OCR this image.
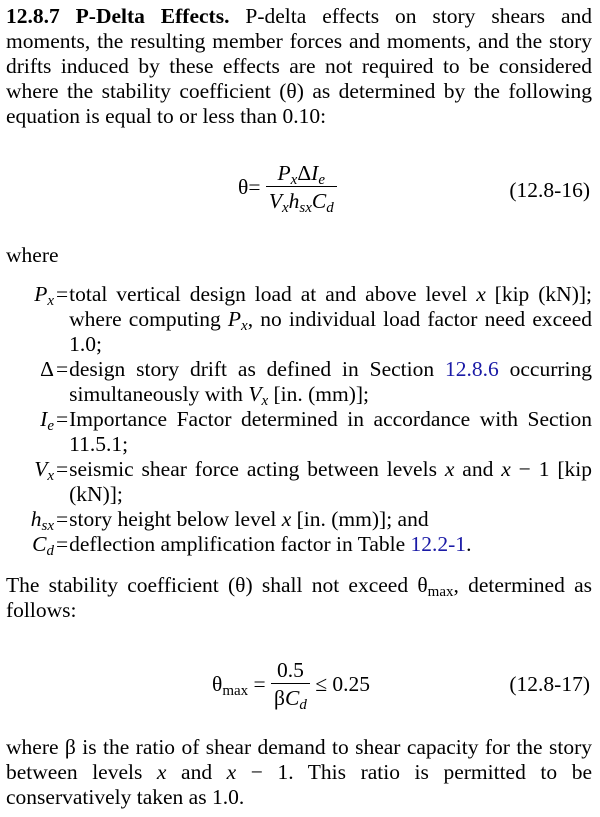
12.8.7 P-Delta Effects. P-delta effects on story shears and moments, the resulting member forces and moments, and the story drifts induced by these effects are not required to be considered where the stability coefficient (θ) as determined by the following equation is equal to or less than 0.10:

$\theta= \frac{P_x\Delta I_e}{V_xh_{sx}C_d}$	(12.8-16)

where

$P_x$ = total vertical design load at and above level x [kip (kN)]; where computing $P_x$, no individual load factor need exceed 1.0;
Δ = design story drift as defined in Section 12.8.6 occurring simultaneously with $V_x$ [in. (mm)];
$I_e$ = Importance Factor determined in accordance with Section 11.5.1;
$V_x$ = seismic shear force acting between levels x and x − 1 [kip (kN)];
$h_{sx}$ = story height below level x [in. (mm)]; and
$C_d$ = deflection amplification factor in Table 12.2-1.

The stability coefficient (θ) shall not exceed $\theta_{max}$, determined as follows:

$\theta_{max} = \frac{0.5}{\beta C_d} \le 0.25$	(12.8-17)

where β is the ratio of shear demand to shear capacity for the story between levels x and x − 1. This ratio is permitted to be conservatively taken as 1.0.
